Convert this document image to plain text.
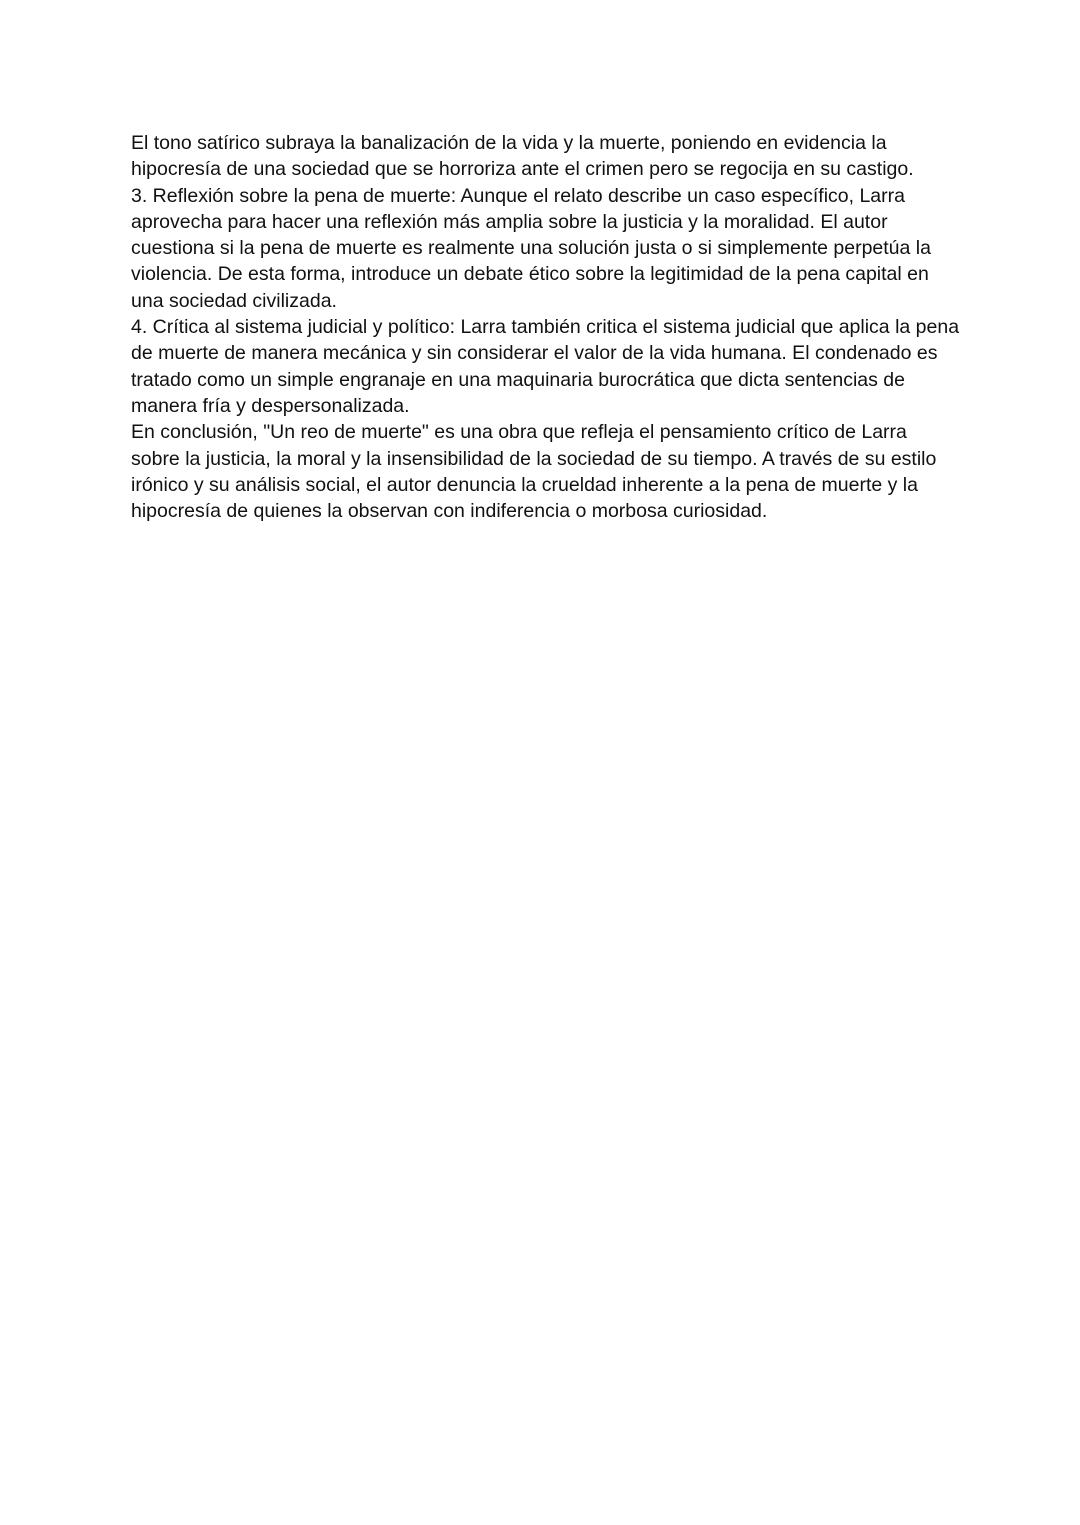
El tono satírico subraya la banalización de la vida y la muerte, poniendo en evidencia la hipocresía de una sociedad que se horroriza ante el crimen pero se regocija en su castigo.

3. Reflexión sobre la pena de muerte: Aunque el relato describe un caso específico, Larra aprovecha para hacer una reflexión más amplia sobre la justicia y la moralidad. El autor cuestiona si la pena de muerte es realmente una solución justa o si simplemente perpetúa la violencia. De esta forma, introduce un debate ético sobre la legitimidad de la pena capital en una sociedad civilizada.

4. Crítica al sistema judicial y político: Larra también critica el sistema judicial que aplica la pena de muerte de manera mecánica y sin considerar el valor de la vida humana. El condenado es tratado como un simple engranaje en una maquinaria burocrática que dicta sentencias de manera fría y despersonalizada.

En conclusión, "Un reo de muerte" es una obra que refleja el pensamiento crítico de Larra sobre la justicia, la moral y la insensibilidad de la sociedad de su tiempo. A través de su estilo irónico y su análisis social, el autor denuncia la crueldad inherente a la pena de muerte y la hipocresía de quienes la observan con indiferencia o morbosa curiosidad.
